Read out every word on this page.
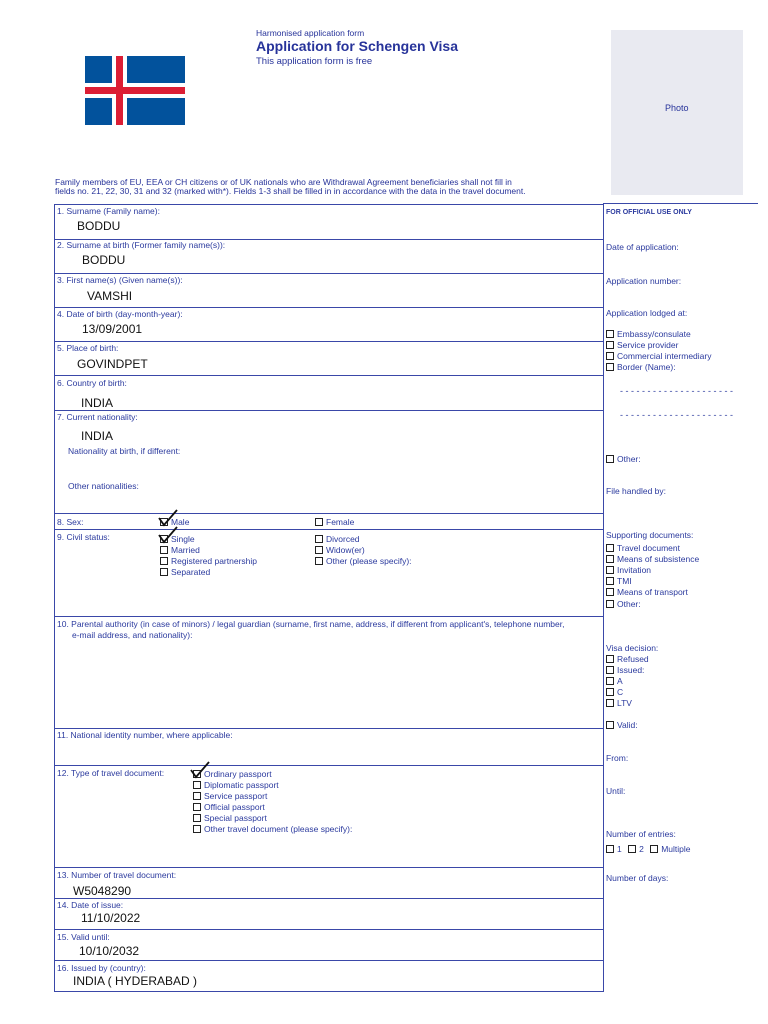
Harmonised application form
Application for Schengen Visa
This application form is free
Photo
Family members of EU, EEA or CH citizens or of UK nationals who are Withdrawal Agreement beneficiaries shall not fill in
fields no. 21, 22, 30, 31 and 32 (marked with*). Fields 1-3 shall be filled in in accordance with the data in the travel document.
1. Surname (Family name):
BODDU
2. Surname at birth (Former family name(s)):
BODDU
3. First name(s) (Given name(s)):
VAMSHI
4. Date of birth (day-month-year):
13/09/2001
5. Place of birth:
GOVINDPET
6. Country of birth:
INDIA
7. Current nationality:
INDIA
Nationality at birth, if different:
Other nationalities:
8. Sex:	Male	Female
9. Civil status:	Single
Married
Registered partnership
Separated
Divorced
Widow(er)
Other (please specify):
10. Parental authority (in case of minors) / legal guardian (surname, first name, address, if different from applicant's, telephone number,
e-mail address, and nationality):
11. National identity number, where applicable:
12. Type of travel document:	Ordinary passport
Diplomatic passport
Service passport
Official passport
Special passport
Other travel document (please specify):
13. Number of travel document:
W5048290
14. Date of issue:
11/10/2022
15. Valid until:
10/10/2032
16. Issued by (country):
INDIA ( HYDERABAD )
FOR OFFICIAL USE ONLY
Date of application:
Application number:
Application lodged at:
Embassy/consulate
Service provider
Commercial intermediary
Border (Name):
- - - - - - - - - - - - - - - - - - - - -
- - - - - - - - - - - - - - - - - - - - -
Other:
File handled by:
Supporting documents:
Travel document
Means of subsistence
Invitation
TMI
Means of transport
Other:
Visa decision:
Refused
Issued:
A
C
LTV
Valid:
From:
Until:
Number of entries:
1 2 Multiple
Number of days:
